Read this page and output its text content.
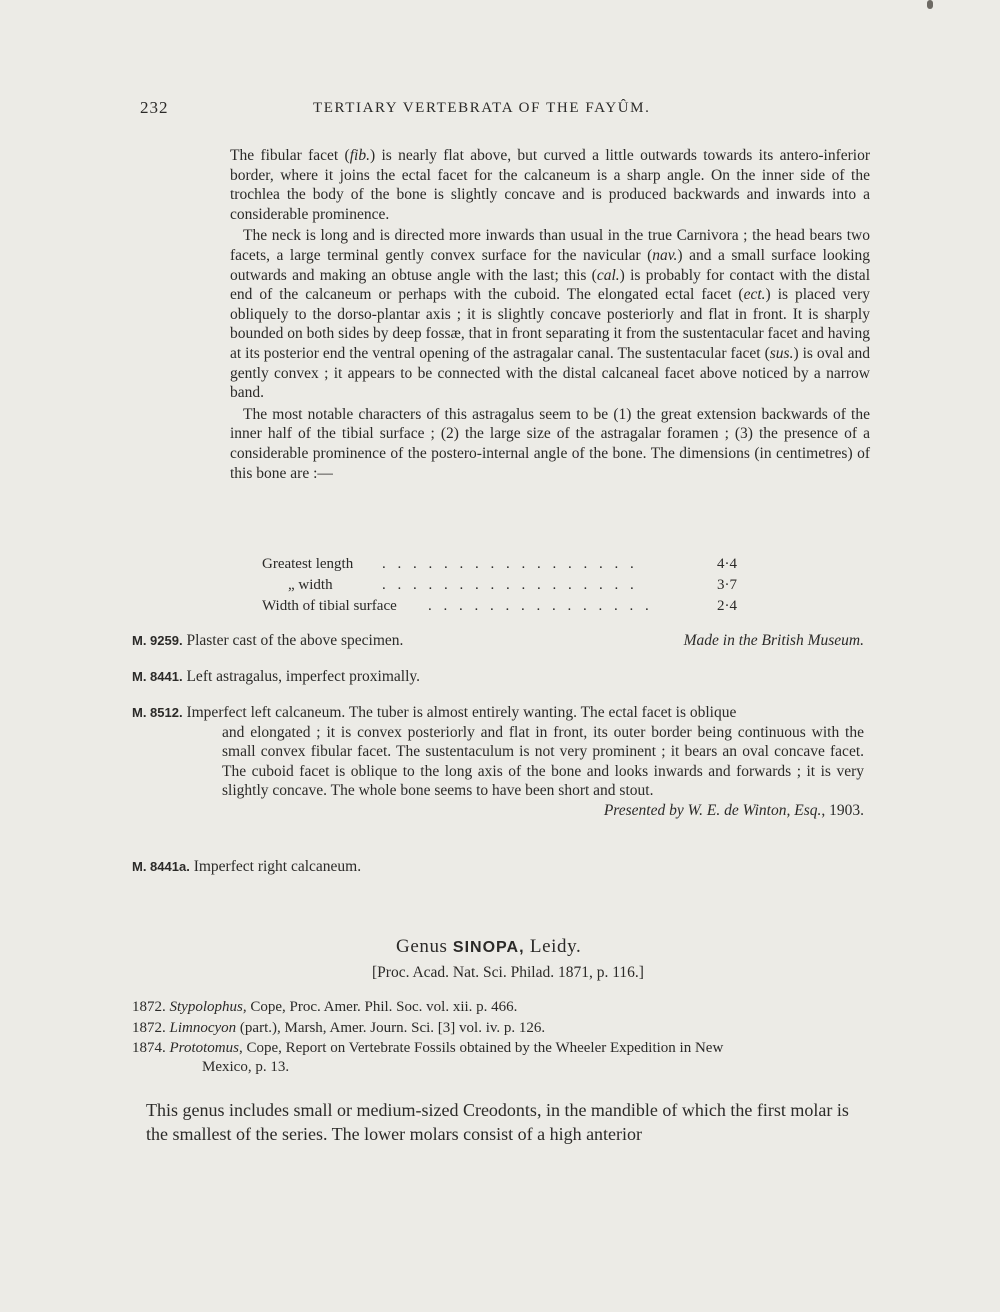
232	TERTIARY VERTEBRATA OF THE FAYÛM.

The fibular facet (fib.) is nearly flat above, but curved a little outwards towards its antero-inferior border, where it joins the ectal facet for the calcaneum is a sharp angle. On the inner side of the trochlea the body of the bone is slightly concave and is produced backwards and inwards into a considerable prominence.

The neck is long and is directed more inwards than usual in the true Carnivora ; the head bears two facets, a large terminal gently convex surface for the navicular (nav.) and a small surface looking outwards and making an obtuse angle with the last; this (cal.) is probably for contact with the distal end of the calcaneum or perhaps with the cuboid. The elongated ectal facet (ect.) is placed very obliquely to the dorso-plantar axis ; it is slightly concave posteriorly and flat in front. It is sharply bounded on both sides by deep fossæ, that in front separating it from the sustentacular facet and having at its posterior end the ventral opening of the astragalar canal. The sustentacular facet (sus.) is oval and gently convex ; it appears to be connected with the distal calcaneal facet above noticed by a narrow band.

The most notable characters of this astragalus seem to be (1) the great extension backwards of the inner half of the tibial surface ; (2) the large size of the astragalar foramen ; (3) the presence of a considerable prominence of the postero-internal angle of the bone. The dimensions (in centimetres) of this bone are :—

Greatest length . . . . . . . . . . . . . . . . .	4·4
„ width	. . . . . . . . . . . . . . . . .	3·7
Width of tibial surface . . . . . . . . . . . . . . .	2·4
M. 9259. Plaster cast of the above specimen.	Made in the British Museum.
M. 8441. Left astragalus, imperfect proximally.
M. 8512. Imperfect left calcaneum. The tuber is almost entirely wanting. The ectal facet is oblique
and elongated ; it is convex posteriorly and flat in front, its outer border being continuous with the small convex fibular facet. The sustentaculum is not very prominent ; it bears an oval concave facet. The cuboid facet is oblique to the long axis of the bone and looks inwards and forwards ; it is very slightly concave. The whole bone seems to have been short and stout.
Presented by W. E. de Winton, Esq., 1903.
M. 8441a. Imperfect right calcaneum.
Genus SINOPA, Leidy.
[Proc. Acad. Nat. Sci. Philad. 1871, p. 116.]
1872. Stypolophus, Cope, Proc. Amer. Phil. Soc. vol. xii. p. 466.
1872. Limnocyon (part.), Marsh, Amer. Journ. Sci. [3] vol. iv. p. 126.
1874. Prototomus, Cope, Report on Vertebrate Fossils obtained by the Wheeler Expedition in New
Mexico, p. 13.
This genus includes small or medium-sized Creodonts, in the mandible of which the first molar is the smallest of the series. The lower molars consist of a high anterior
